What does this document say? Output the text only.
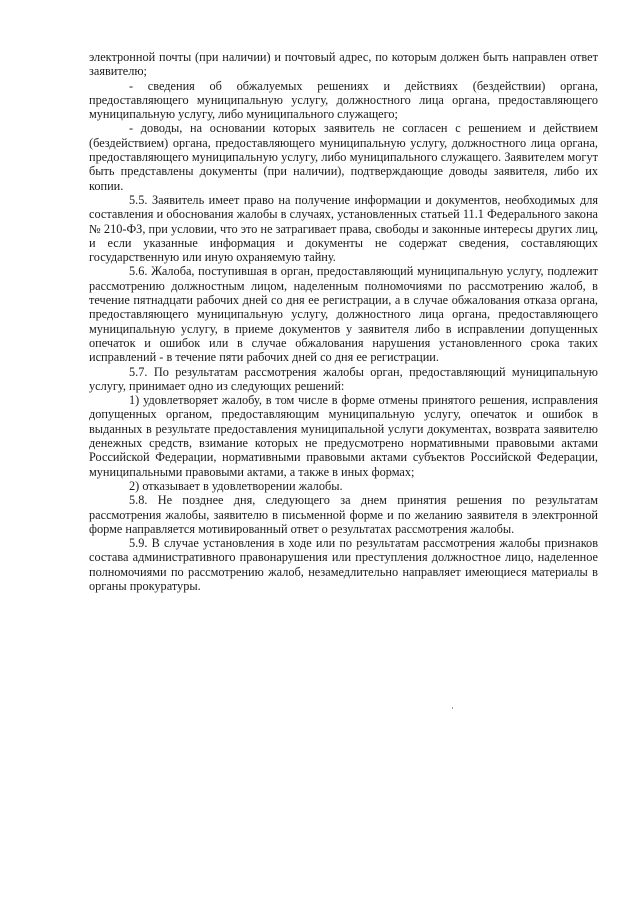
электронной почты (при наличии) и почтовый адрес, по которым должен быть направлен ответ заявителю;

- сведения об обжалуемых решениях и действиях (бездействии) органа, предоставляющего муниципальную услугу, должностного лица органа, предоставляющего муниципальную услугу, либо муниципального служащего;

- доводы, на основании которых заявитель не согласен с решением и действием (бездействием) органа, предоставляющего муниципальную услугу, должностного лица органа, предоставляющего муниципальную услугу, либо муниципального служащего. Заявителем могут быть представлены документы (при наличии), подтверждающие доводы заявителя, либо их копии.

5.5. Заявитель имеет право на получение информации и документов, необходимых для составления и обоснования жалобы в случаях, установленных статьей 11.1 Федерального закона № 210-ФЗ, при условии, что это не затрагивает права, свободы и законные интересы других лиц, и если указанные информация и документы не содержат сведения, составляющих государственную или иную охраняемую тайну.

5.6. Жалоба, поступившая в орган, предоставляющий муниципальную услугу, подлежит рассмотрению должностным лицом, наделенным полномочиями по рассмотрению жалоб, в течение пятнадцати рабочих дней со дня ее регистрации, а в случае обжалования отказа органа, предоставляющего муниципальную услугу, должностного лица органа, предоставляющего муниципальную услугу, в приеме документов у заявителя либо в исправлении допущенных опечаток и ошибок или в случае обжалования нарушения установленного срока таких исправлений - в течение пяти рабочих дней со дня ее регистрации.

5.7. По результатам рассмотрения жалобы орган, предоставляющий муниципальную услугу, принимает одно из следующих решений:

1) удовлетворяет жалобу, в том числе в форме отмены принятого решения, исправления допущенных органом, предоставляющим муниципальную услугу, опечаток и ошибок в выданных в результате предоставления муниципальной услуги документах, возврата заявителю денежных средств, взимание которых не предусмотрено нормативными правовыми актами Российской Федерации, нормативными правовыми актами субъектов Российской Федерации, муниципальными правовыми актами, а также в иных формах;

2) отказывает в удовлетворении жалобы.

5.8. Не позднее дня, следующего за днем принятия решения по результатам рассмотрения жалобы, заявителю в письменной форме и по желанию заявителя в электронной форме направляется мотивированный ответ о результатах рассмотрения жалобы.

5.9. В случае установления в ходе или по результатам рассмотрения жалобы признаков состава административного правонарушения или преступления должностное лицо, наделенное полномочиями по рассмотрению жалоб, незамедлительно направляет имеющиеся материалы в органы прокуратуры.
